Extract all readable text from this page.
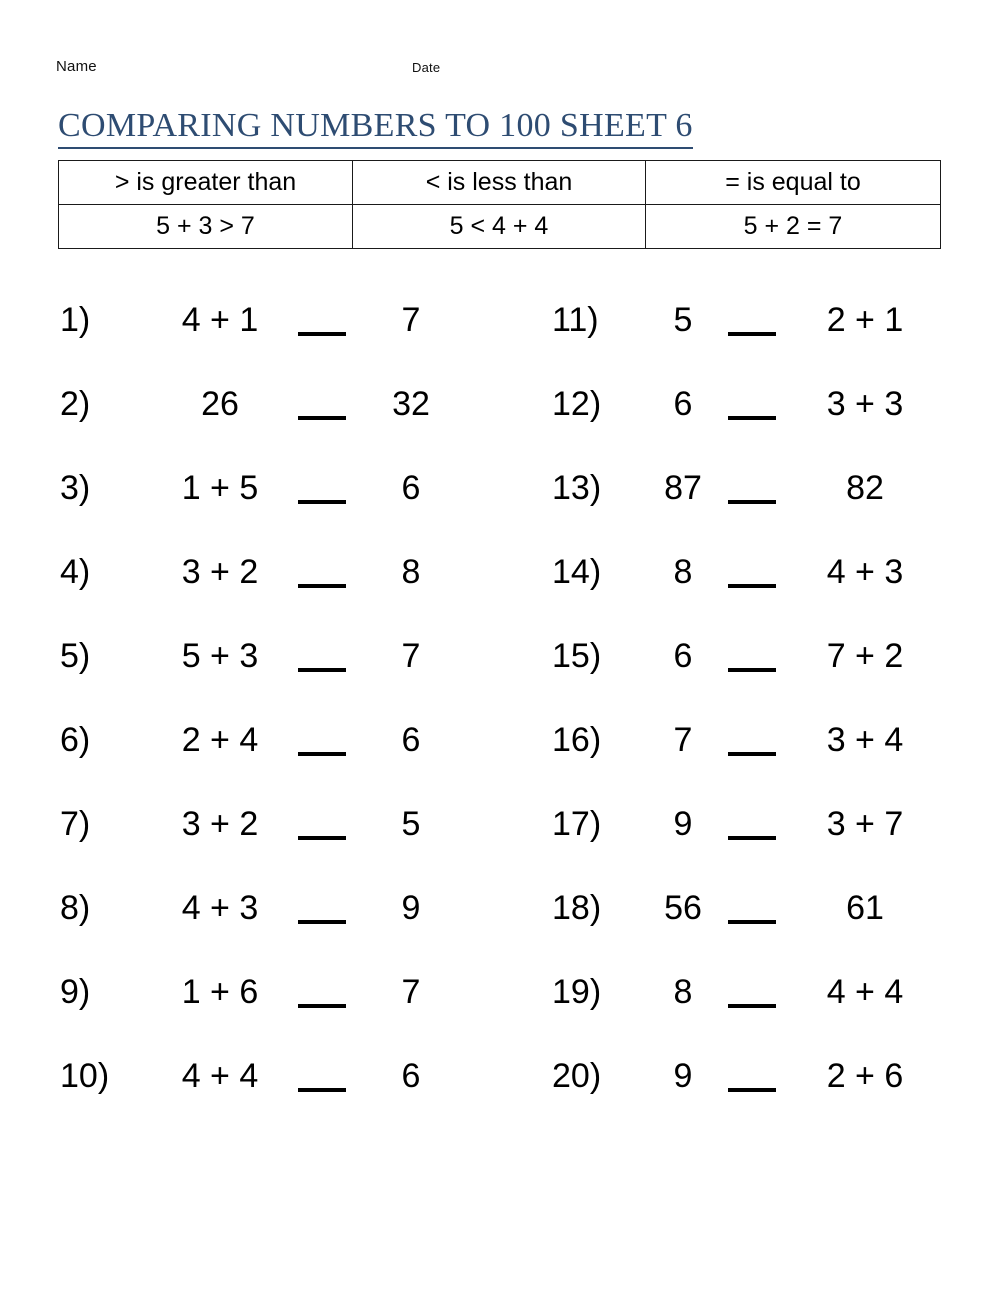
Name	Date
COMPARING NUMBERS TO 100 SHEET 6
> is greater than	< is less than	= is equal to
5 + 3 > 7	5 < 4 + 4	5 + 2 = 7
1)	4 + 1	7
2)	26	32
3)	1 + 5	6
4)	3 + 2	8
5)	5 + 3	7
6)	2 + 4	6
7)	3 + 2	5
8)	4 + 3	9
9)	1 + 6	7
10)	4 + 4	6
11)	5	2 + 1
12)	6	3 + 3
13)	87	82
14)	8	4 + 3
15)	6	7 + 2
16)	7	3 + 4
17)	9	3 + 7
18)	56	61
19)	8	4 + 4
20)	9	2 + 6
